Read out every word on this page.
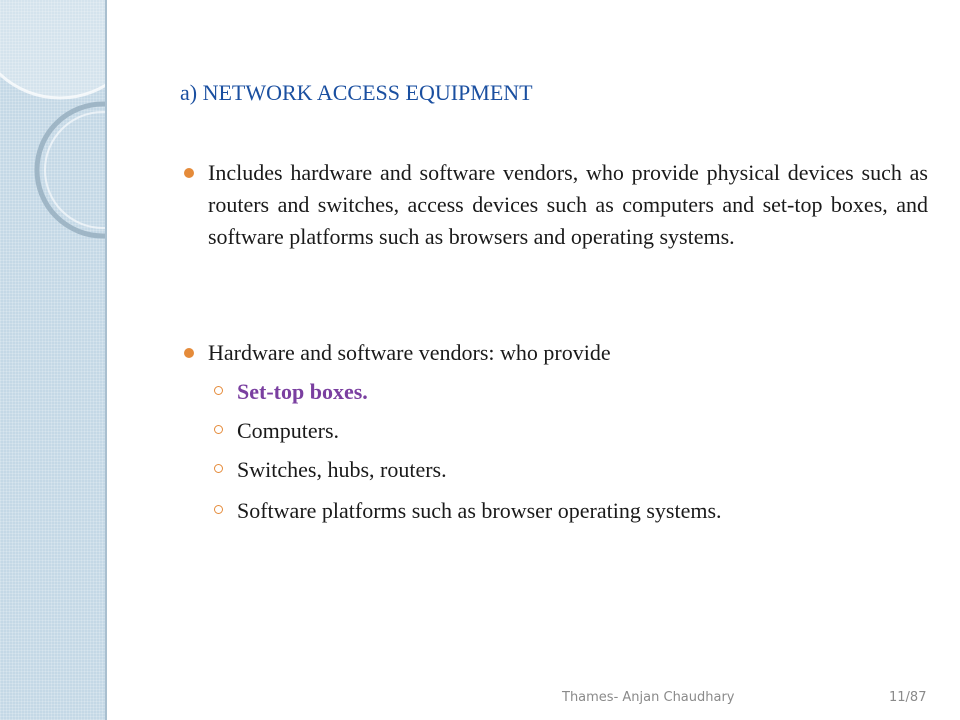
a) NETWORK ACCESS EQUIPMENT
Includes hardware and software vendors, who provide physical devices such as routers and switches, access devices such as computers and set-top boxes, and software platforms such as browsers and operating systems.
Hardware and software vendors: who provide
Set-top boxes.
Computers.
Switches, hubs, routers.
Software platforms such as browser operating systems.
Thames- Anjan Chaudhary	11/87
